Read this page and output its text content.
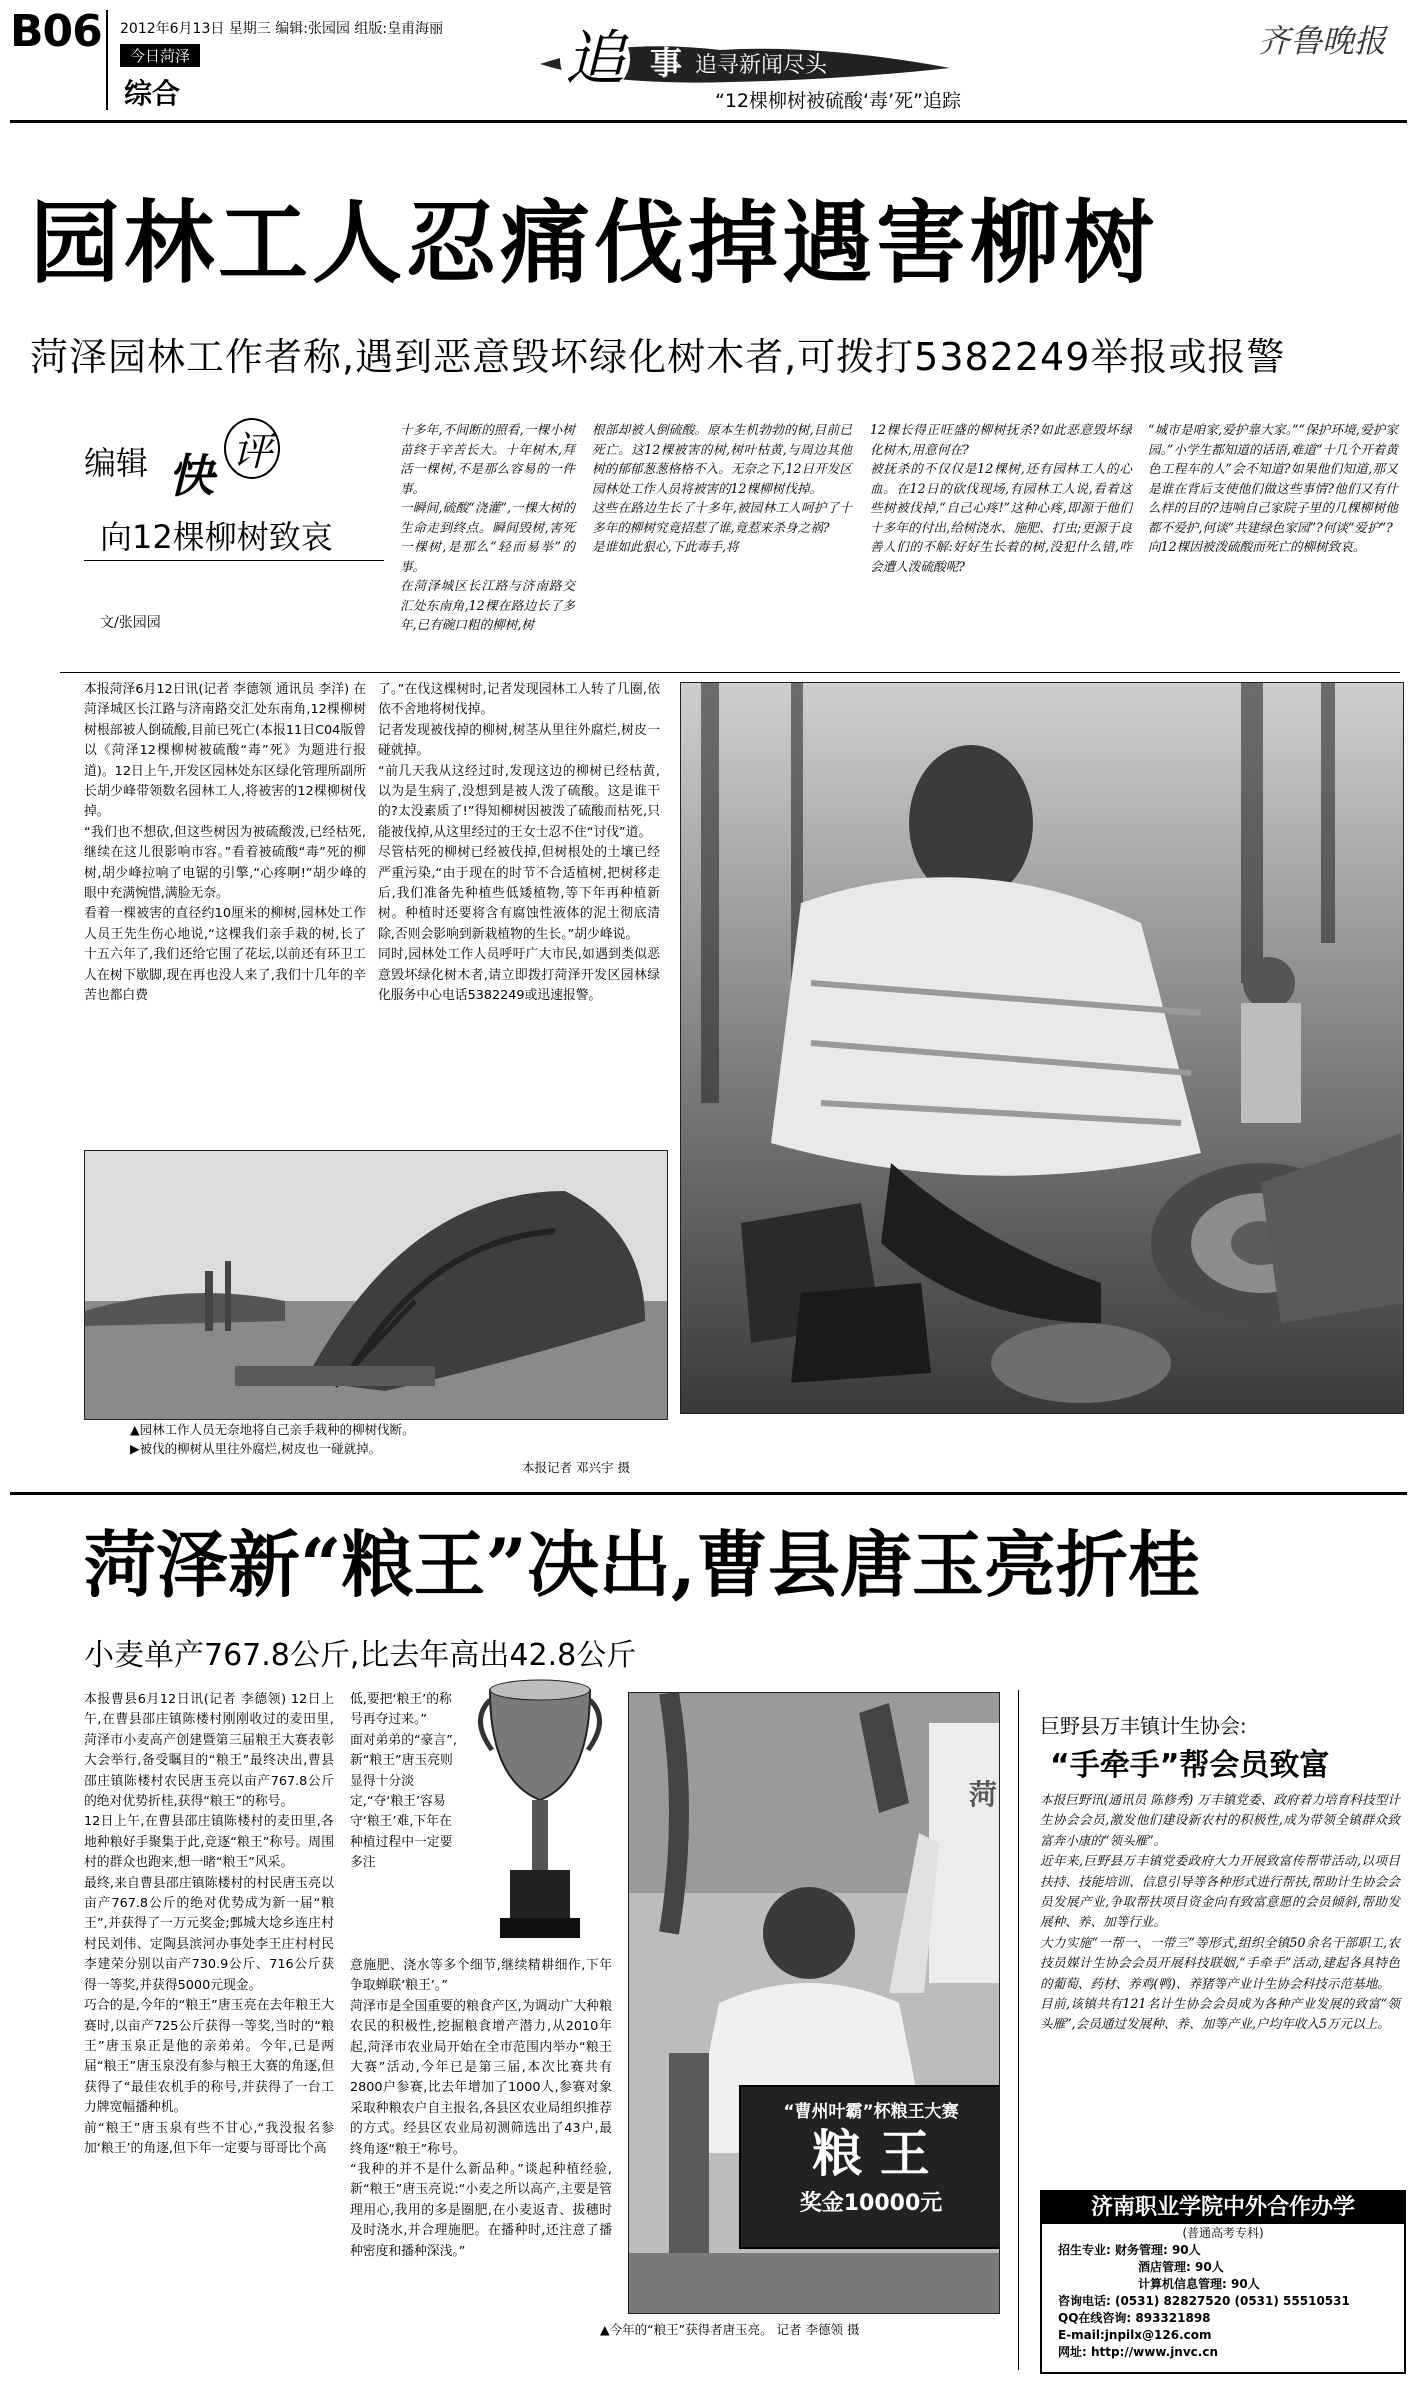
B06 2012年6月13日 星期三 编辑:张园园 组版:皇甫海丽
今日菏泽
综合	追 事 追寻新闻尽头
“12棵柳树被硫酸‘毒’死”追踪
齐鲁晚报
园林工人忍痛伐掉遇害柳树
菏泽园林工作者称,遇到恶意毁坏绿化树木者,可拨打5382249举报或报警
编辑 快 评
向12棵柳树致哀
文/张园园
十多年,不间断的照看,一棵小树苗终于辛苦长大。十年树木,拜活一棵树,不是那么容易的一件事。
一瞬间,硫酸“浇灌”,一棵大树的生命走到终点。瞬间毁树,害死一棵树,是那么“轻而易举”的事。
在菏泽城区长江路与济南路交汇处东南角,12棵在路边长了多年,已有碗口粗的柳树,树
根部却被人倒硫酸。原本生机勃勃的树,目前已死亡。这12棵被害的树,树叶枯黄,与周边其他树的郁郁葱葱格格不入。无奈之下,12日开发区园林处工作人员将被害的12棵柳树伐掉。
这些在路边生长了十多年,被园林工人呵护了十多年的柳树究竟招惹了谁,竟惹来杀身之祸?
是谁如此狠心,下此毒手,将
12棵长得正旺盛的柳树抚杀?如此恶意毁坏绿化树木,用意何在?
被抚杀的不仅仅是12棵树,还有园林工人的心血。在12日的砍伐现场,有园林工人说,看着这些树被伐掉,“自己心疼!”这种心疼,即源于他们十多年的付出,给树浇水、施肥、打虫;更源于良善人们的不解:好好生长着的树,没犯什么错,咋会遭人泼硫酸呢?
“城市是咱家,爱护靠大家。”“保护环境,爱护家园。”小学生都知道的话语,难道“十几个开着黄色工程车的人”会不知道?如果他们知道,那又是谁在背后支使他们做这些事情?他们又有什么样的目的?违响自己家院子里的几棵柳树他都不爱护,何谈“共建绿色家园”?何谈“爱护”?
向12棵因被泼硫酸而死亡的柳树致哀。
本报菏泽6月12日讯(记者 李德领 通讯员 李洋) 在菏泽城区长江路与济南路交汇处东南角,12棵柳树树根部被人倒硫酸,目前已死亡(本报11日C04版曾以《菏泽12棵柳树被硫酸“毒”死》为题进行报道)。12日上午,开发区园林处东区绿化管理所副所长胡少峰带领数名园林工人,将被害的12棵柳树伐掉。
“我们也不想砍,但这些树因为被硫酸泼,已经枯死,继续在这儿很影响市容。”看着被硫酸“毒”死的柳树,胡少峰拉响了电锯的引擎,“心疼啊!”胡少峰的眼中充满惋惜,满脸无奈。
看着一棵被害的直径约10厘米的柳树,园林处工作人员王先生伤心地说,“这棵我们亲手栽的树,长了十五六年了,我们还给它围了花坛,以前还有环卫工人在树下歇脚,现在再也没人来了,我们十几年的辛苦也都白费
了。”在伐这棵树时,记者发现园林工人转了几圈,依依不舍地将树伐掉。
记者发现被伐掉的柳树,树茎从里往外腐烂,树皮一碰就掉。
“前几天我从这经过时,发现这边的柳树已经枯黄,以为是生病了,没想到是被人泼了硫酸。这是谁干的?太没素质了!”得知柳树因被泼了硫酸而枯死,只能被伐掉,从这里经过的王女士忍不住“讨伐”道。
尽管枯死的柳树已经被伐掉,但树根处的土壤已经严重污染,“由于现在的时节不合适植树,把树移走后,我们准备先种植些低矮植物,等下年再种植新树。种植时还要将含有腐蚀性液体的泥土彻底清除,否则会影响到新栽植物的生长。”胡少峰说。
同时,园林处工作人员呼吁广大市民,如遇到类似恶意毁坏绿化树木者,请立即拨打菏泽开发区园林绿化服务中心电话5382249或迅速报警。
▲园林工作人员无奈地将自己亲手栽种的柳树伐断。
▶被伐的柳树从里往外腐烂,树皮也一碰就掉。
本报记者 邓兴宇 摄
菏泽新“粮王”决出,曹县唐玉亮折桂
小麦单产767.8公斤,比去年高出42.8公斤
本报曹县6月12日讯(记者 李德领) 12日上午,在曹县邵庄镇陈楼村刚刚收过的麦田里,菏泽市小麦高产创建暨第三届粮王大赛表彰大会举行,备受瞩目的“粮王”最终决出,曹县邵庄镇陈楼村农民唐玉亮以亩产767.8公斤的绝对优势折桂,获得“粮王”的称号。
12日上午,在曹县邵庄镇陈楼村的麦田里,各地种粮好手聚集于此,竞逐“粮王”称号。周围村的群众也跑来,想一睹“粮王”风采。
最终,来自曹县邵庄镇陈楼村的村民唐玉亮以亩产767.8公斤的绝对优势成为新一届“粮王”,并获得了一万元奖金;鄄城大埝乡连庄村村民刘伟、定陶县滨河办事处李王庄村村民李建荣分别以亩产730.9公斤、716公斤获得一等奖,并获得5000元现金。
巧合的是,今年的“粮王”唐玉亮在去年粮王大赛时,以亩产725公斤获得一等奖,当时的“粮王”唐玉泉正是他的亲弟弟。今年,已是两届“粮王”唐玉泉没有参与粮王大赛的角逐,但获得了“最佳农机手的称号,并获得了一台工力牌宽幅播种机。
前“粮王”唐玉泉有些不甘心,“我没报名参加‘粮王’的角逐,但下年一定要与哥哥比个高
低,要把‘粮王’的称号再夺过来。”
面对弟弟的“豪言”,新“粮王”唐玉亮则显得十分淡定,“夺‘粮王’容易守‘粮王’难,下年在种植过程中一定要多注
意施肥、浇水等多个细节,继续精耕细作,下年争取蝉联‘粮王’。”
菏泽市是全国重要的粮食产区,为调动广大种粮农民的积极性,挖掘粮食增产潜力,从2010年起,菏泽市农业局开始在全市范围内举办“粮王大赛”活动,今年已是第三届,本次比赛共有2800户参赛,比去年增加了1000人,参赛对象采取种粮农户自主报名,各县区农业局组织推荐的方式。经县区农业局初测筛选出了43户,最终角逐“粮王”称号。
“我种的并不是什么新品种。”谈起种植经验,新“粮王”唐玉亮说:“小麦之所以高产,主要是管理用心,我用的多是圈肥,在小麦返青、拔穗时及时浇水,并合理施肥。在播种时,还注意了播种密度和播种深浅。”
“曹州叶霸”杯粮王大赛
粮 王
奖金10000元
菏
▲今年的“粮王”获得者唐玉亮。 记者 李德领 摄
巨野县万丰镇计生协会:
“手牵手”帮会员致富
本报巨野讯(通讯员 陈修秀) 万丰镇党委、政府着力培育科技型计生协会会员,激发他们建设新农村的积极性,成为带领全镇群众致富奔小康的“领头雁”。
近年来,巨野县万丰镇党委政府大力开展致富传帮带活动,以项目扶持、技能培训、信息引导等各种形式进行帮扶,帮助计生协会会员发展产业,争取帮扶项目资金向有致富意愿的会员倾斜,帮助发展种、养、加等行业。
大力实施“一帮一、一带三”等形式,组织全镇50余名干部职工,农技员媒计生协会会员开展科技联姻,“手牵手”活动,建起各具特色的葡萄、药材、养鸡(鸭)、养猪等产业计生协会科技示范基地。
目前,该镇共有121名计生协会会员成为各种产业发展的致富“领头雁”,会员通过发展种、养、加等产业,户均年收入5万元以上。
济南职业学院中外合作办学
(普通高考专科)
招生专业: 财务管理: 90人
酒店管理: 90人
计算机信息管理: 90人
咨询电话: (0531) 82827520 (0531) 55510531
QQ在线咨询: 893321898
E-mail:jnpilx@126.com
网址: http://www.jnvc.cn
